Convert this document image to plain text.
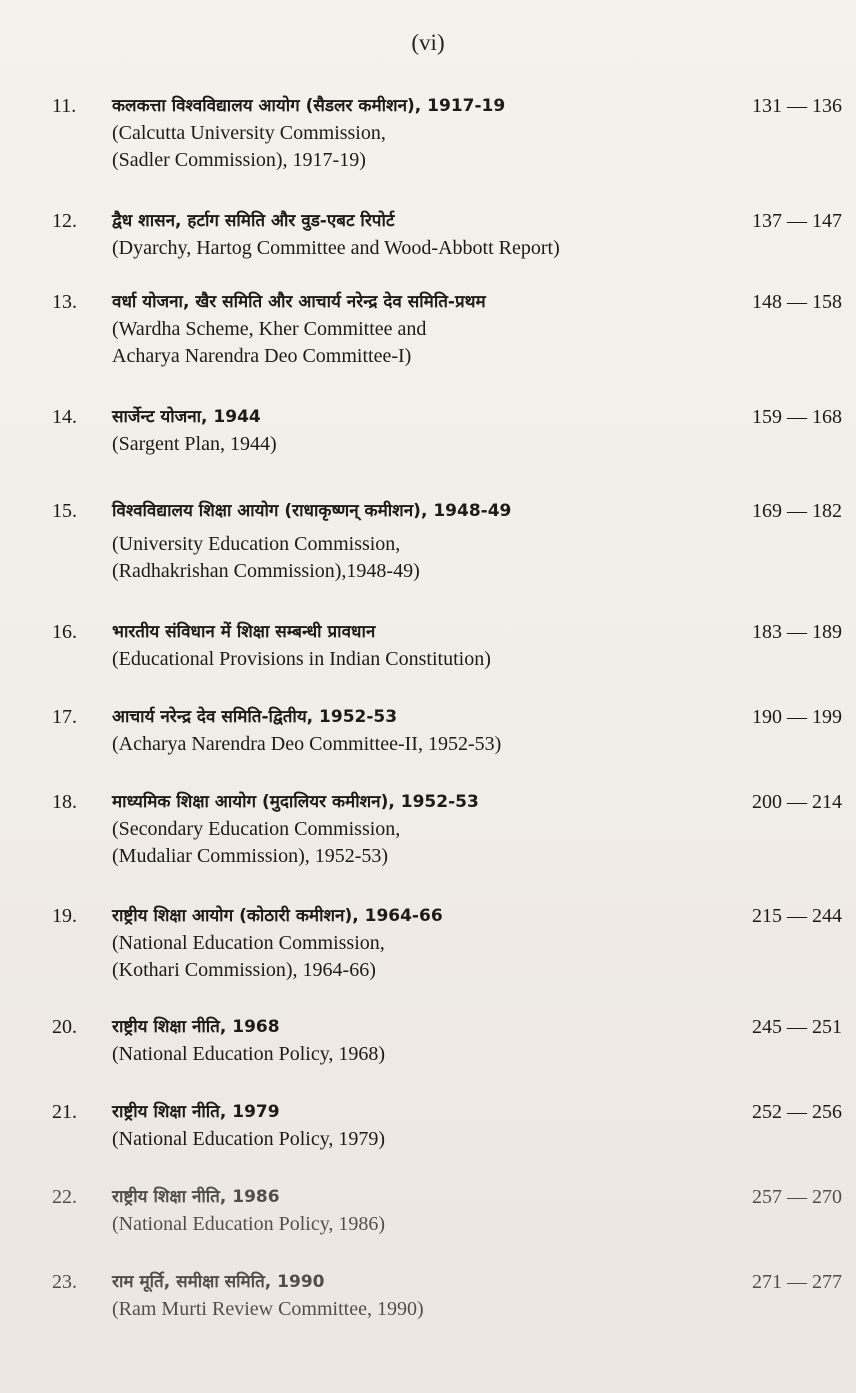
(vi)
11. कलकत्ता विश्वविद्यालय आयोग (सैडलर कमीशन), 1917-19	131 — 136
(Calcutta University Commission,
(Sadler Commission), 1917-19)
12. द्वैध शासन, हर्टाग समिति और वुड-एबट रिपोर्ट	137 — 147
(Dyarchy, Hartog Committee and Wood-Abbott Report)
13. वर्धा योजना, खैर समिति और आचार्य नरेन्द्र देव समिति-प्रथम	148 — 158
(Wardha Scheme, Kher Committee and
Acharya Narendra Deo Committee-I)
14. सार्जेन्ट योजना, 1944	159 — 168
(Sargent Plan, 1944)
15. विश्वविद्यालय शिक्षा आयोग (राधाकृष्णन् कमीशन), 1948-49	169 — 182
(University Education Commission,
(Radhakrishan Commission),1948-49)
16. भारतीय संविधान में शिक्षा सम्बन्धी प्रावधान	183 — 189
(Educational Provisions in Indian Constitution)
17. आचार्य नरेन्द्र देव समिति-द्वितीय, 1952-53	190 — 199
(Acharya Narendra Deo Committee-II, 1952-53)
18. माध्यमिक शिक्षा आयोग (मुदालियर कमीशन), 1952-53	200 — 214
(Secondary Education Commission,
(Mudaliar Commission), 1952-53)
19. राष्ट्रीय शिक्षा आयोग (कोठारी कमीशन), 1964-66	215 — 244
(National Education Commission,
(Kothari Commission), 1964-66)
20. राष्ट्रीय शिक्षा नीति, 1968	245 — 251
(National Education Policy, 1968)
21. राष्ट्रीय शिक्षा नीति, 1979	252 — 256
(National Education Policy, 1979)
22. राष्ट्रीय शिक्षा नीति, 1986	257 — 270
(National Education Policy, 1986)
23. राम मूर्ति, समीक्षा समिति, 1990	271 — 277
(Ram Murti Review Committee, 1990)
